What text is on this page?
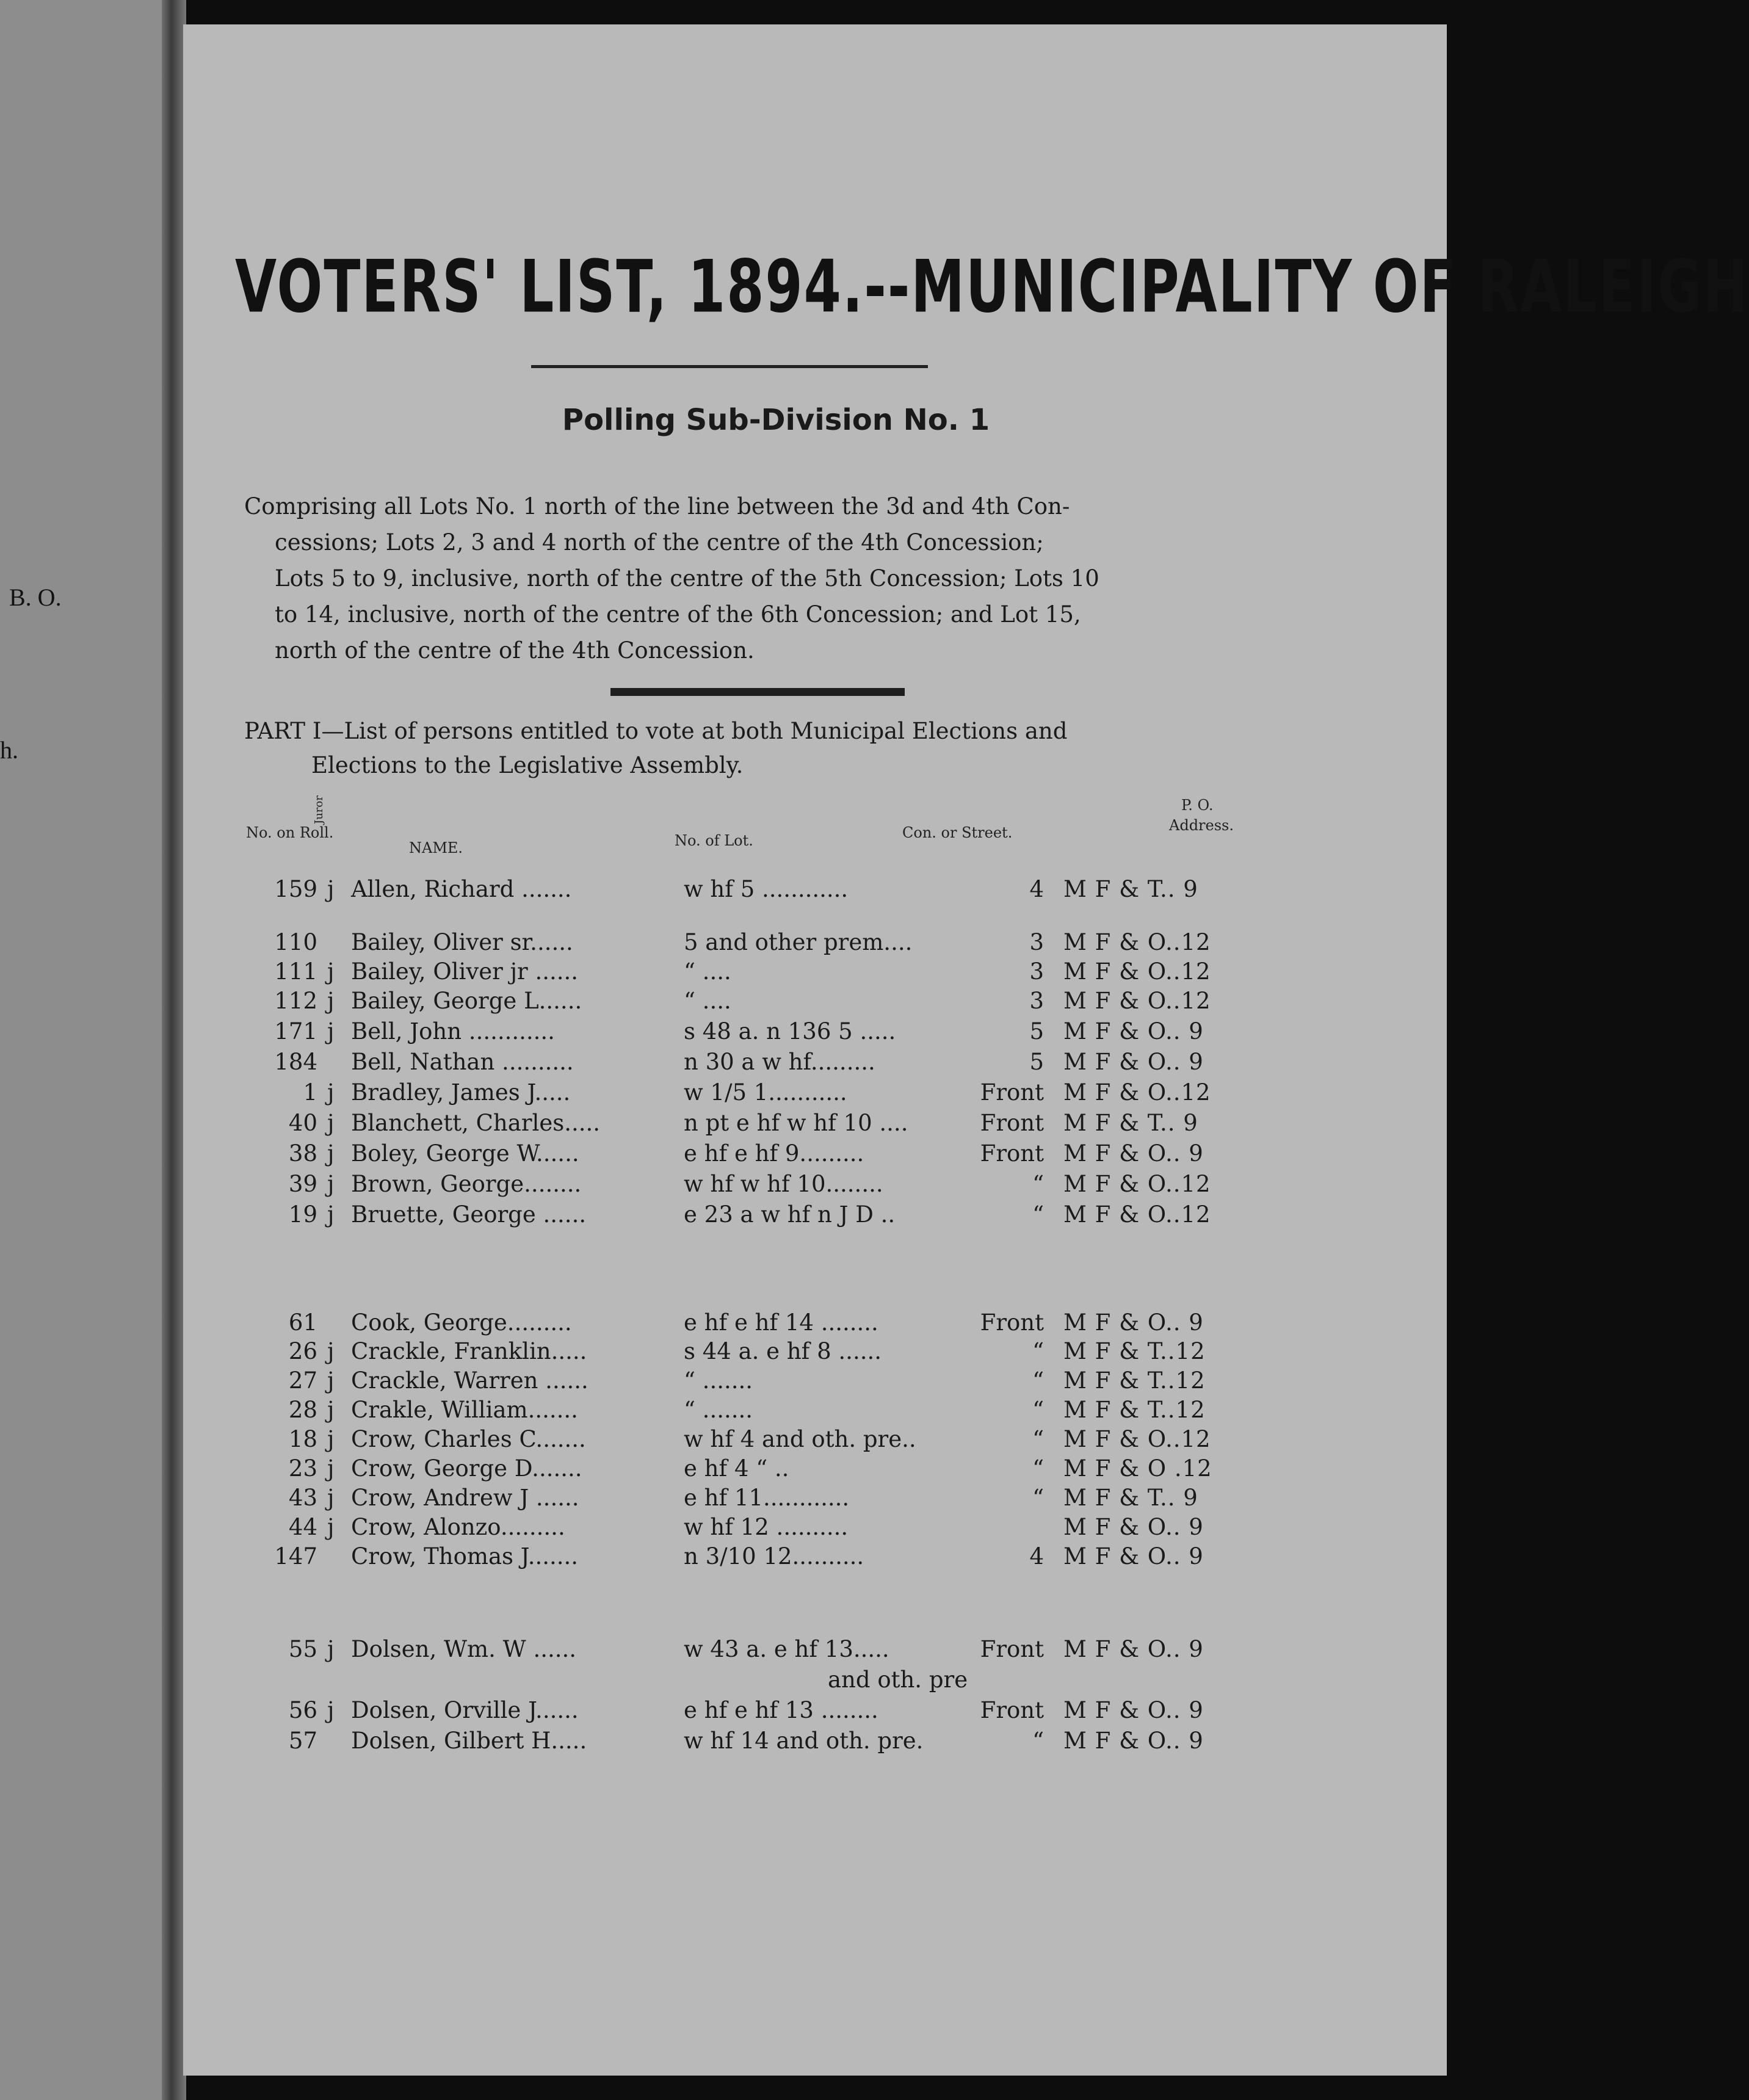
B. O.
h.
VOTERS' LIST, 1894.--MUNICIPALITY OF RALEIGH
Polling Sub-Division No. 1
Comprising all Lots No. 1 north of the line between the 3d and 4th Con-
cessions; Lots 2, 3 and 4 north of the centre of the 4th Concession;
Lots 5 to 9, inclusive, north of the centre of the 5th Concession; Lots 10
to 14, inclusive, north of the centre of the 6th Concession; and Lot 15,
north of the centre of the 4th Concession.
PART I—List of persons entitled to vote at both Municipal Elections and
Elections to the Legislative Assembly.
No. on Roll.
Juror
NAME.	No. of Lot.	Con. or Street.
P. O.
Address.
159 j Allen, Richard .......	w hf 5 ............	4 M F & T.. 9
110 Bailey, Oliver sr......	5 and other prem....	3 M F & O..12
111 j Bailey, Oliver jr ......	“ ....	3 M F & O..12
112 j Bailey, George L......	“ ....	3 M F & O..12
171 j Bell, John ............	s 48 a. n 136 5 .....	5 M F & O.. 9
184 Bell, Nathan ..........	n 30 a w hf.........	5 M F & O.. 9
1 j Bradley, James J.....	w 1/5 1...........	Front M F & O..12
40 j Blanchett, Charles.....	n pt e hf w hf 10 ....	Front M F & T.. 9
38 j Boley, George W......	e hf e hf 9.........	Front M F & O.. 9
39 j Brown, George........	w hf w hf 10........	“ M F & O..12
19 j Bruette, George ......	e 23 a w hf n J D ..	“ M F & O..12
61 Cook, George.........	e hf e hf 14 ........	Front M F & O.. 9
26 j Crackle, Franklin.....	s 44 a. e hf 8 ......	“ M F & T..12
27 j Crackle, Warren ......	“ .......	“ M F & T..12
28 j Crakle, William.......	“ .......	“ M F & T..12
18 j Crow, Charles C.......	w hf 4 and oth. pre..	“ M F & O..12
23 j Crow, George D.......	e hf 4 “ ..	“ M F & O .12
43 j Crow, Andrew J ......	e hf 11............	“ M F & T.. 9
44 j Crow, Alonzo.........	w hf 12 ..........	M F & O.. 9
147 Crow, Thomas J.......	n 3/10 12..........	4 M F & O.. 9
55 j Dolsen, Wm. W ......	w 43 a. e hf 13.....	Front M F & O.. 9
and oth. pre
56 j Dolsen, Orville J......	e hf e hf 13 ........	Front M F & O.. 9
57 Dolsen, Gilbert H.....	w hf 14 and oth. pre.	“ M F & O.. 9
